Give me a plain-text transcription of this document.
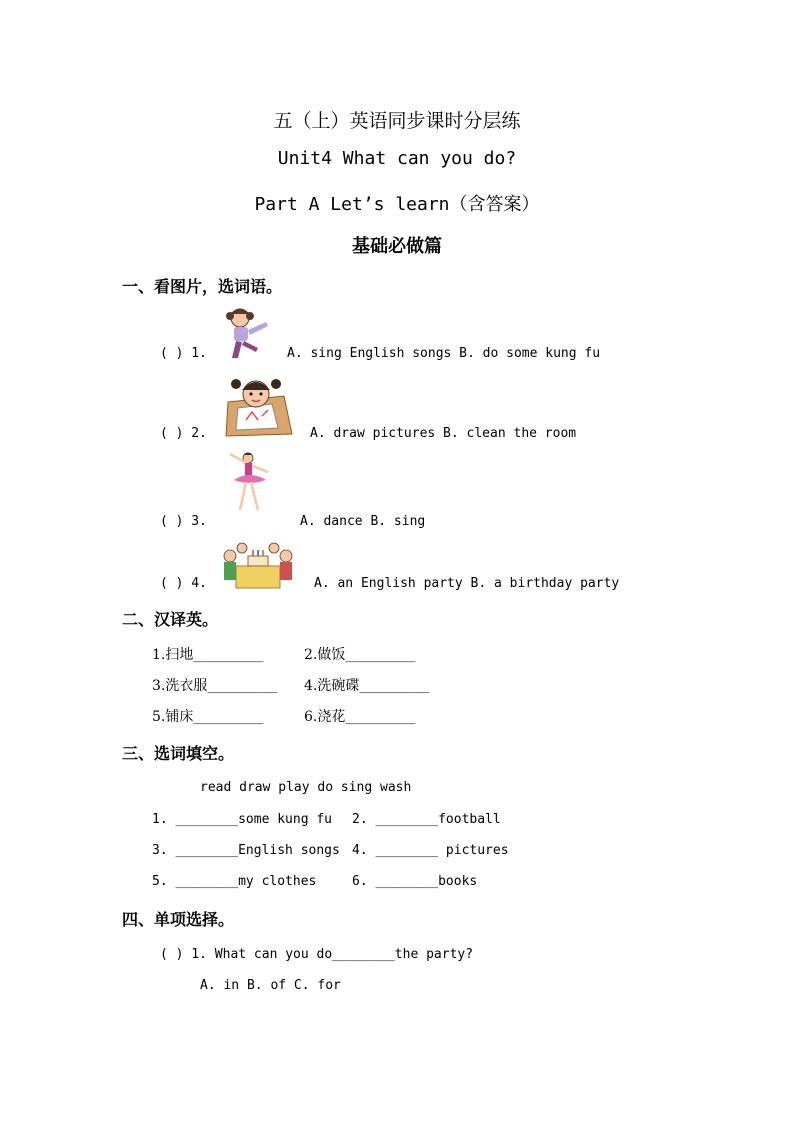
五（上）英语同步课时分层练
Unit4 What can you do?
Part A Let’s learn（含答案）
基础必做篇
一、看图片，选词语。
( ) 1.	A. sing English songs B. do some kung fu
( ) 2.	A. draw pictures B. clean the room
( ) 3.	A. dance B. sing
( ) 4.	A. an English party B. a birthday party
二、汉译英。
1.扫地__________	2.做饭__________
3.洗衣服__________ 4.洗碗碟__________
5.铺床__________	6.浇花__________
三、选词填空。
read draw play do sing wash
1. ________some kung fu 2. ________football
3. ________English songs 4. ________ pictures
5. ________my clothes	6. ________books
四、单项选择。
( ) 1. What can you do________the party?
A. in B. of C. for
